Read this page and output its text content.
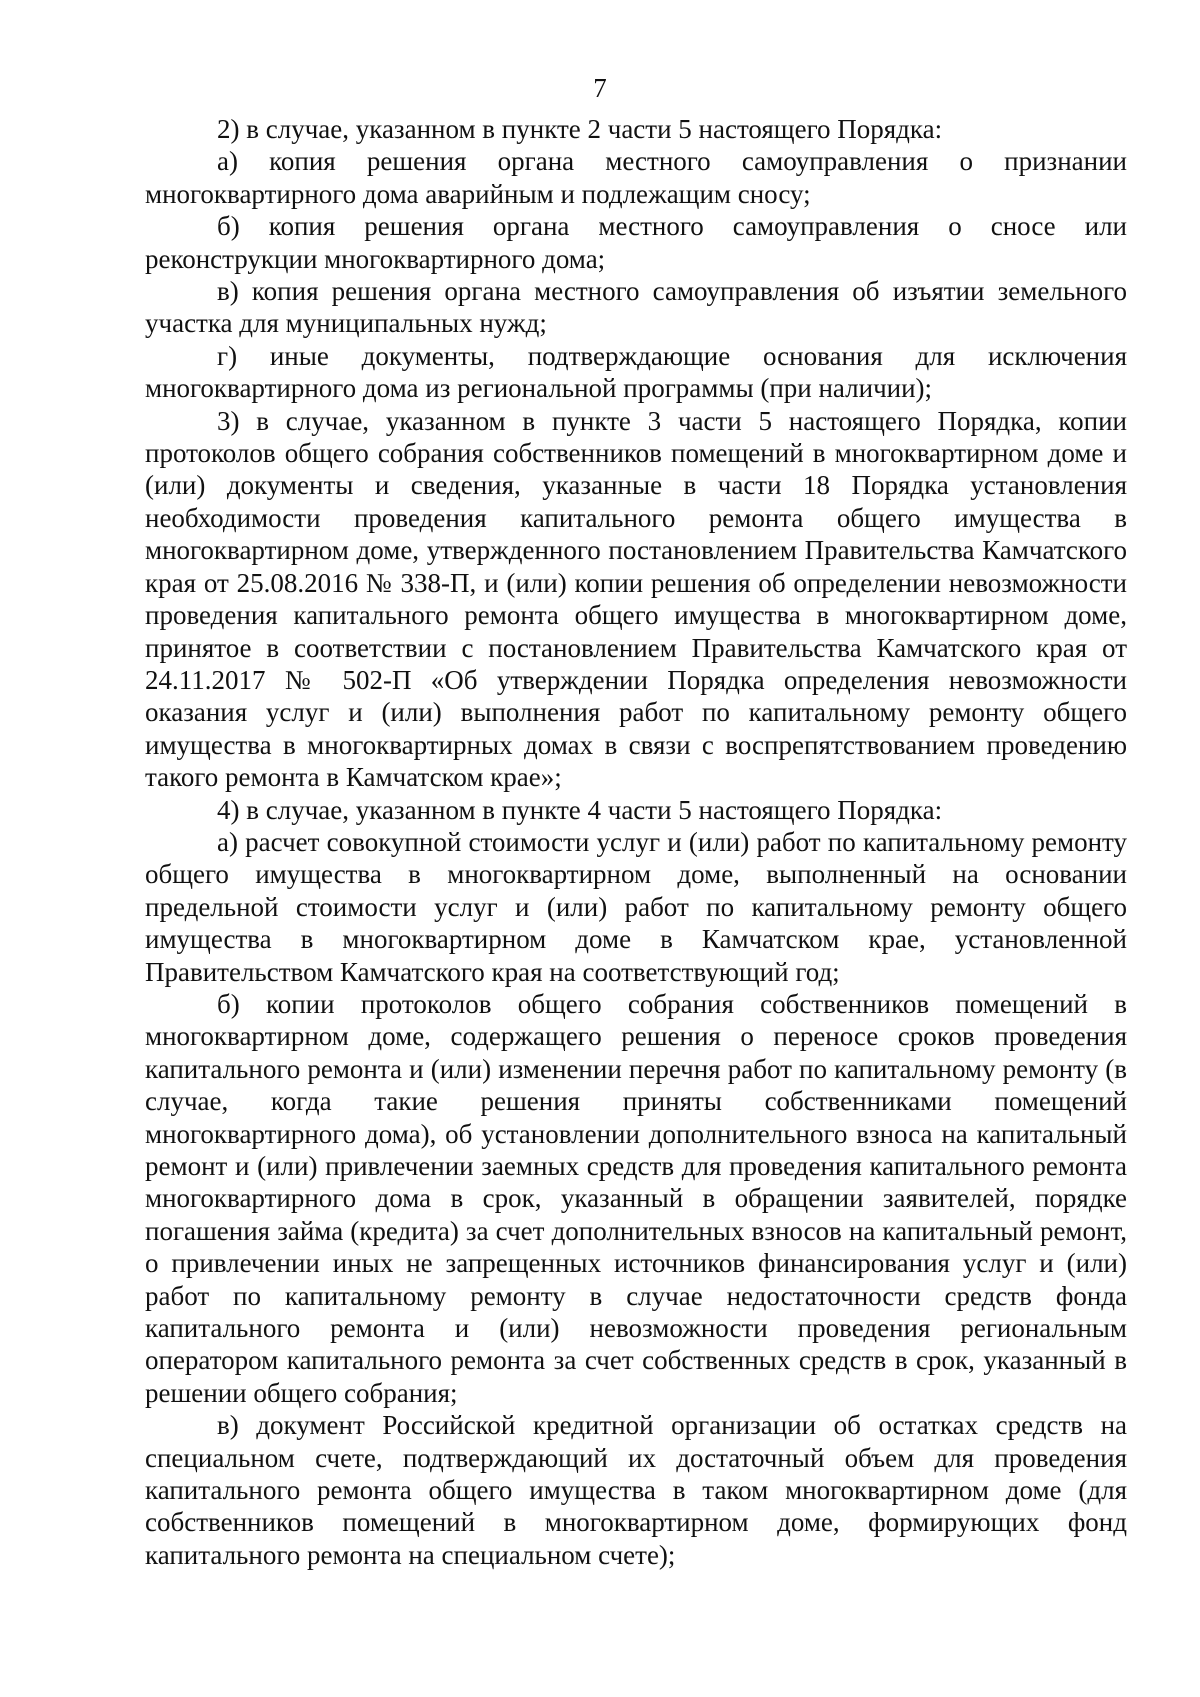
7

2) в случае, указанном в пункте 2 части 5 настоящего Порядка:

а) копия решения органа местного самоуправления о признании многоквартирного дома аварийным и подлежащим сносу;

б) копия решения органа местного самоуправления о сносе или реконструкции многоквартирного дома;

в) копия решения органа местного самоуправления об изъятии земельного участка для муниципальных нужд;

г) иные документы, подтверждающие основания для исключения многоквартирного дома из региональной программы (при наличии);

3) в случае, указанном в пункте 3 части 5 настоящего Порядка, копии протоколов общего собрания собственников помещений в многоквартирном доме и (или) документы и сведения, указанные в части 18 Порядка установления необходимости проведения капитального ремонта общего имущества в многоквартирном доме, утвержденного постановлением Правительства Камчатского края от 25.08.2016 № 338-П, и (или) копии решения об определении невозможности проведения капитального ремонта общего имущества в многоквартирном доме, принятое в соответствии с постановлением Правительства Камчатского края от 24.11.2017 № 502-П «Об утверждении Порядка определения невозможности оказания услуг и (или) выполнения работ по капитальному ремонту общего имущества в многоквартирных домах в связи с воспрепятствованием проведению такого ремонта в Камчатском крае»;

4) в случае, указанном в пункте 4 части 5 настоящего Порядка:

а) расчет совокупной стоимости услуг и (или) работ по капитальному ремонту общего имущества в многоквартирном доме, выполненный на основании предельной стоимости услуг и (или) работ по капитальному ремонту общего имущества в многоквартирном доме в Камчатском крае, установленной Правительством Камчатского края на соответствующий год;

б) копии протоколов общего собрания собственников помещений в многоквартирном доме, содержащего решения о переносе сроков проведения капитального ремонта и (или) изменении перечня работ по капитальному ремонту (в случае, когда такие решения приняты собственниками помещений многоквартирного дома), об установлении дополнительного взноса на капитальный ремонт и (или) привлечении заемных средств для проведения капитального ремонта многоквартирного дома в срок, указанный в обращении заявителей, порядке погашения займа (кредита) за счет дополнительных взносов на капитальный ремонт, о привлечении иных не запрещенных источников финансирования услуг и (или) работ по капитальному ремонту в случае недостаточности средств фонда капитального ремонта и (или) невозможности проведения региональным оператором капитального ремонта за счет собственных средств в срок, указанный в решении общего собрания;

в) документ Российской кредитной организации об остатках средств на специальном счете, подтверждающий их достаточный объем для проведения капитального ремонта общего имущества в таком многоквартирном доме (для собственников помещений в многоквартирном доме, формирующих фонд капитального ремонта на специальном счете);
